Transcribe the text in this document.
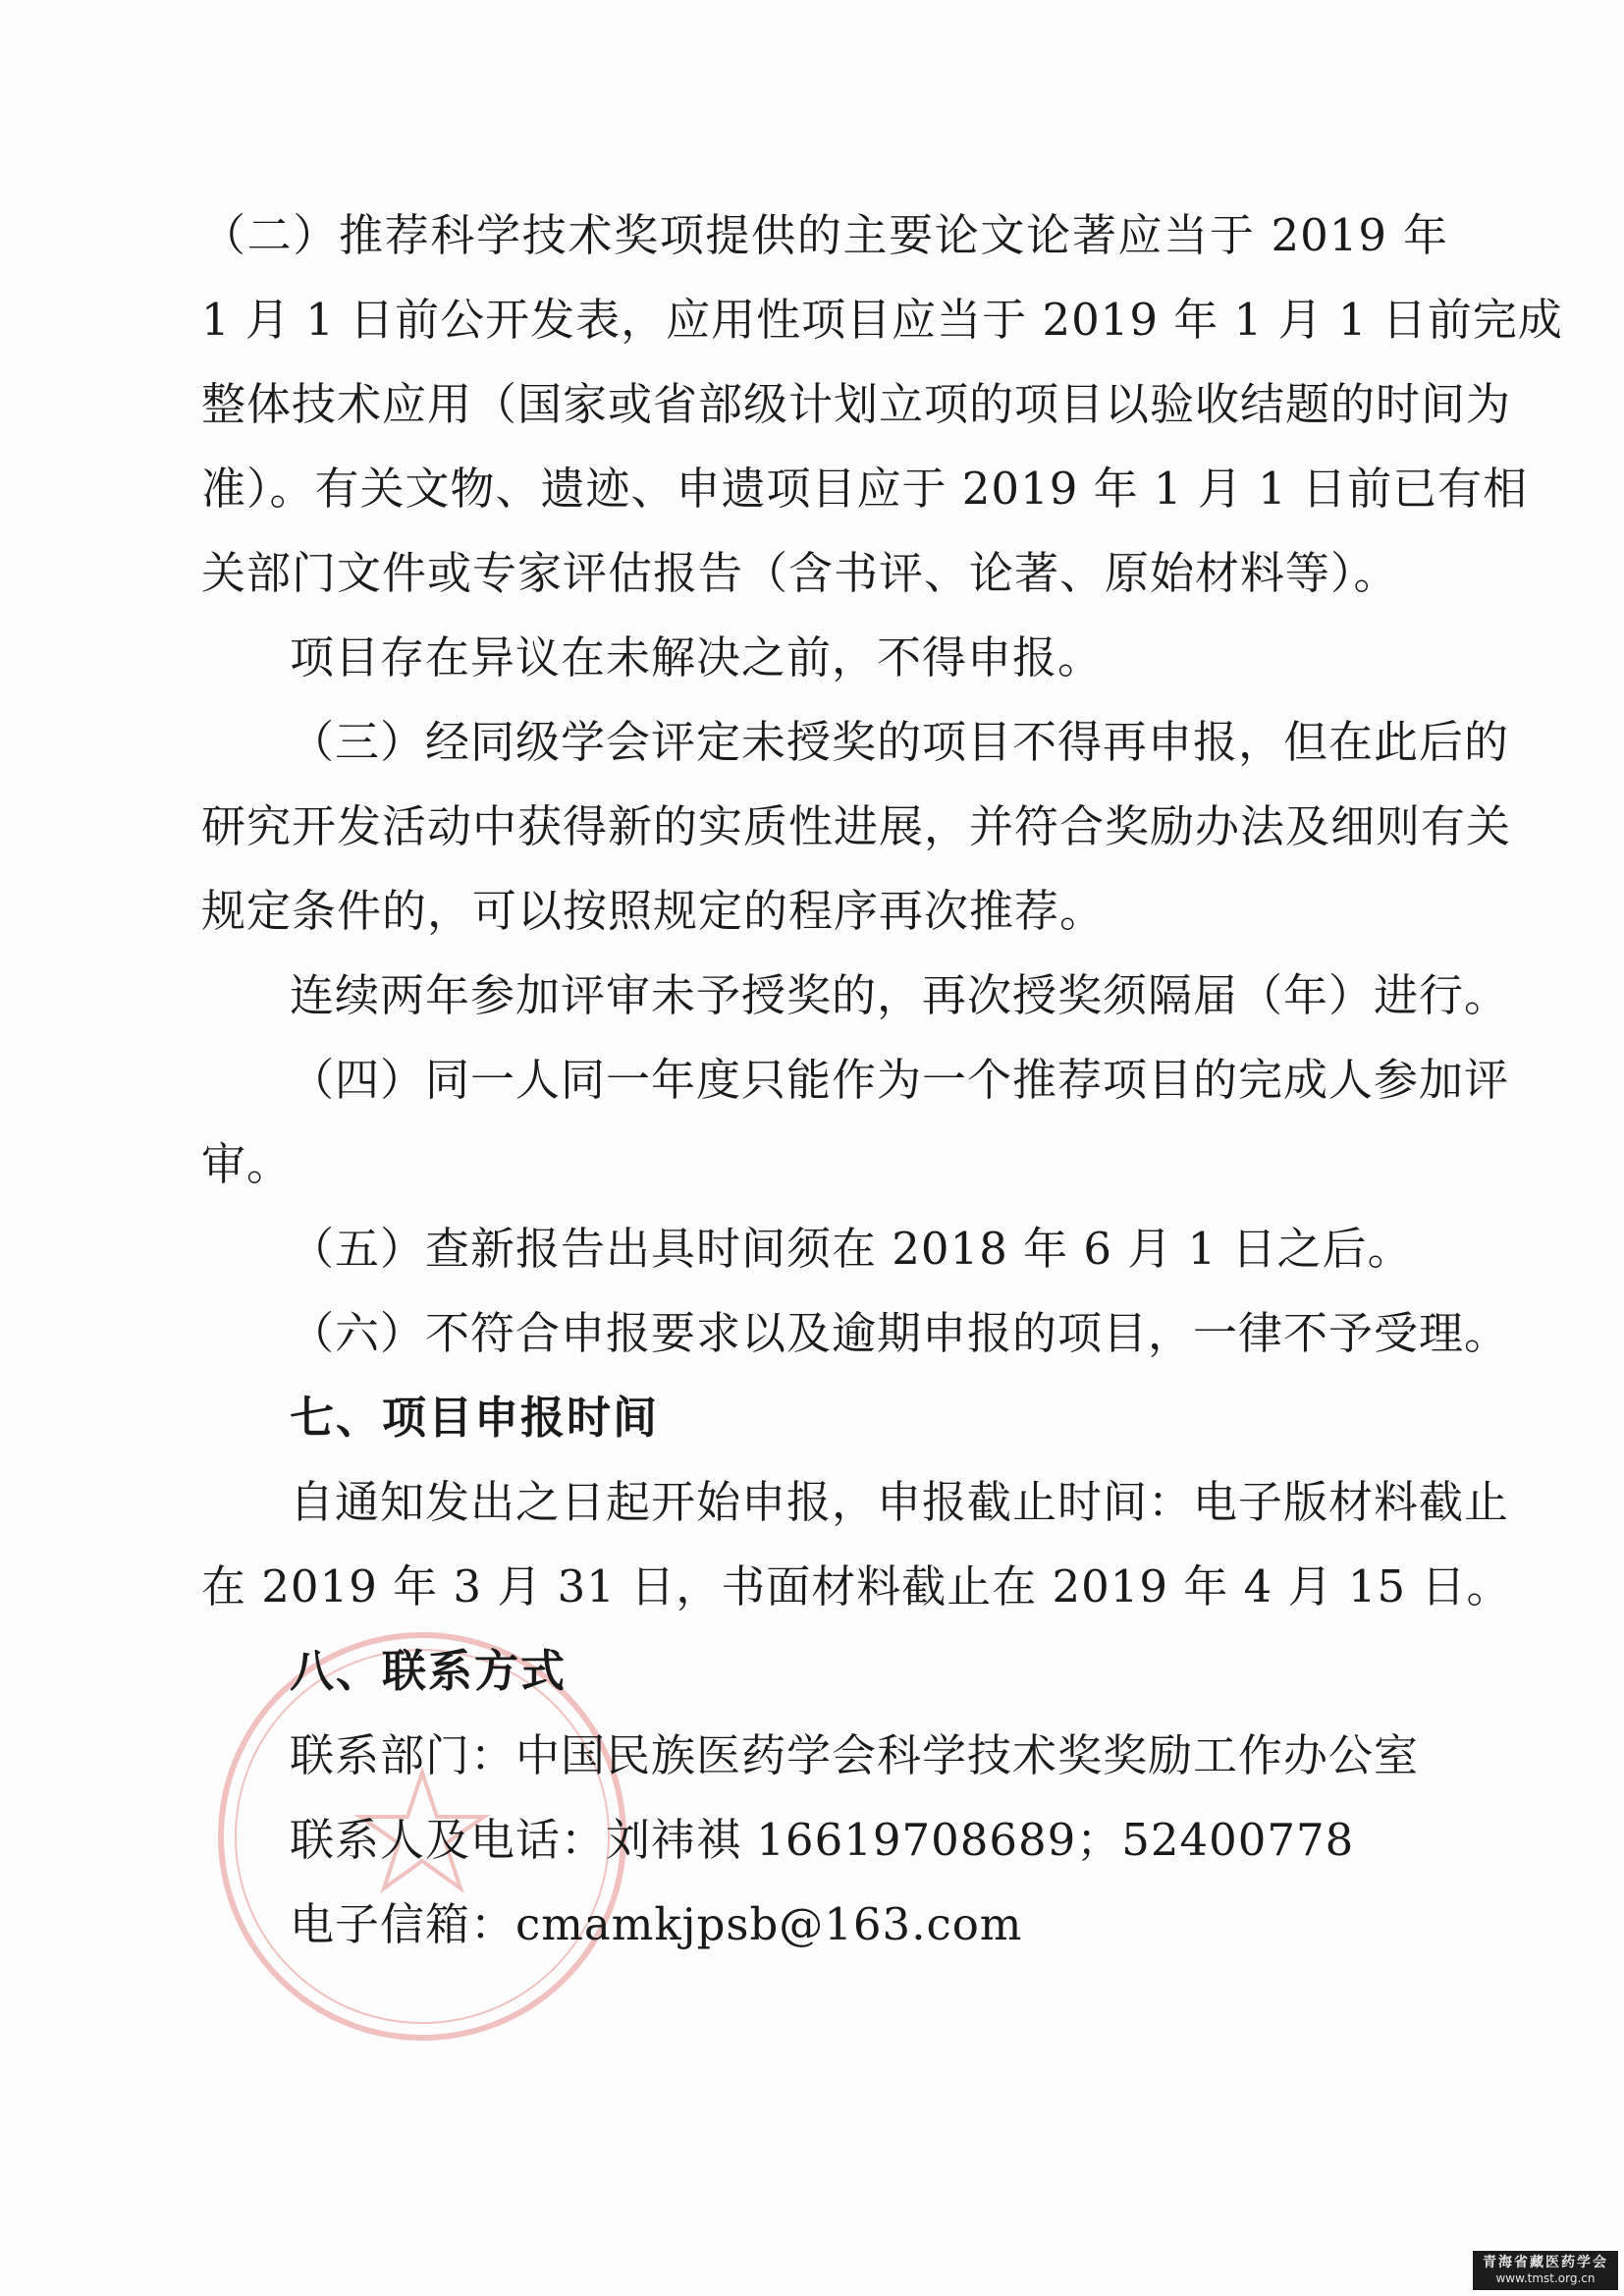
（二）推荐科学技术奖项提供的主要论文论著应当于 2019 年
1 月 1 日前公开发表，应用性项目应当于 2019 年 1 月 1 日前完成
整体技术应用（国家或省部级计划立项的项目以验收结题的时间为
准）。有关文物、遗迹、申遗项目应于 2019 年 1 月 1 日前已有相
关部门文件或专家评估报告（含书评、论著、原始材料等）。
项目存在异议在未解决之前，不得申报。
（三）经同级学会评定未授奖的项目不得再申报，但在此后的
研究开发活动中获得新的实质性进展，并符合奖励办法及细则有关
规定条件的，可以按照规定的程序再次推荐。
连续两年参加评审未予授奖的，再次授奖须隔届（年）进行。
（四）同一人同一年度只能作为一个推荐项目的完成人参加评
审。
（五）查新报告出具时间须在 2018 年 6 月 1 日之后。
（六）不符合申报要求以及逾期申报的项目，一律不予受理。
七、项目申报时间
自通知发出之日起开始申报，申报截止时间：电子版材料截止
在 2019 年 3 月 31 日，书面材料截止在 2019 年 4 月 15 日。
八、联系方式
联系部门：中国民族医药学会科学技术奖奖励工作办公室
联系人及电话：刘祎祺 16619708689；52400778
电子信箱：cmamkjpsb@163.com
青海省藏医药学会
www.tmst.org.cn
